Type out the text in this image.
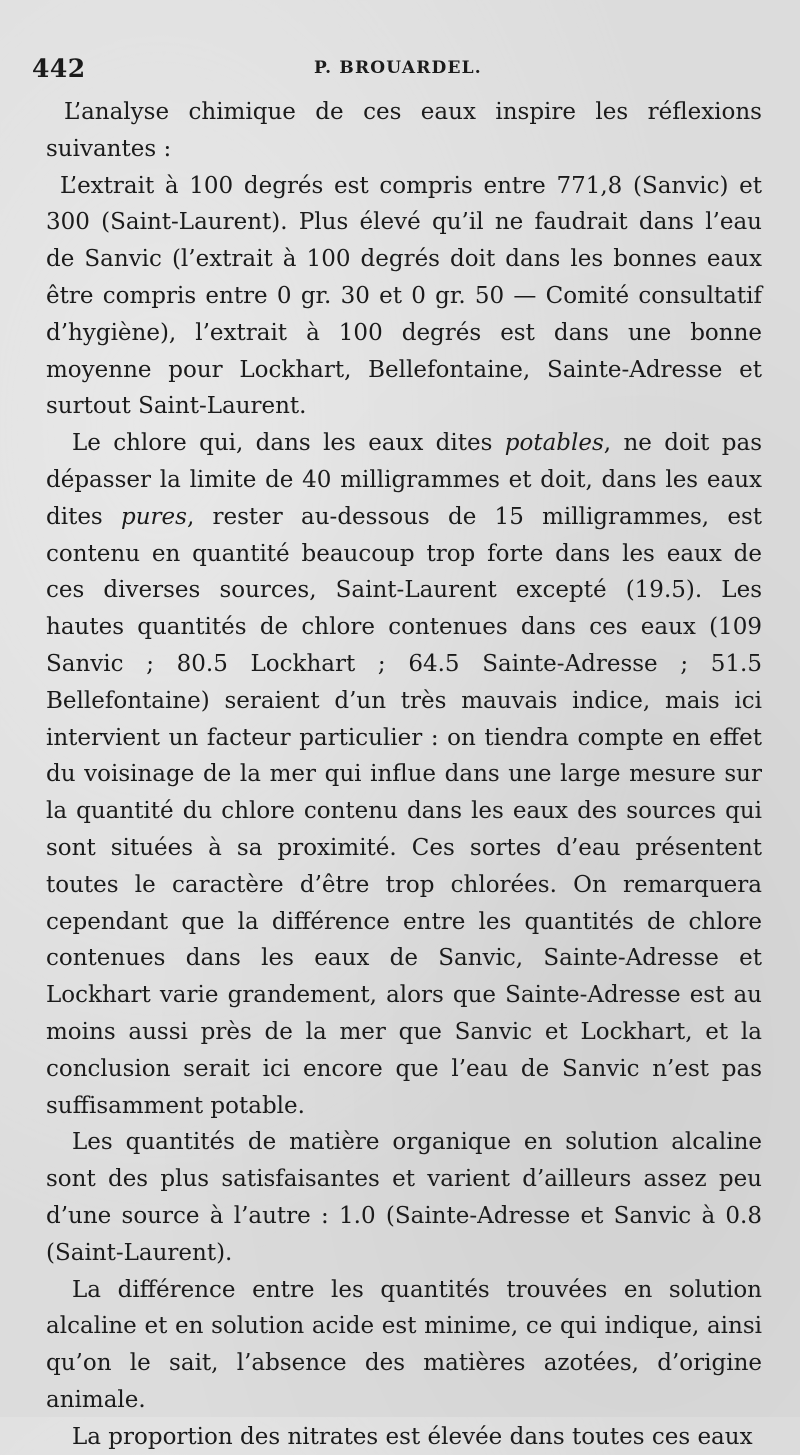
442	P. BROUARDEL.

L’analyse chimique de ces eaux inspire les réflexions suivantes :

L’extrait à 100 degrés est compris entre 771,8 (Sanvic) et 300 (Saint-Laurent). Plus élevé qu’il ne faudrait dans l’eau de Sanvic (l’extrait à 100 degrés doit dans les bonnes eaux être compris entre 0 gr. 30 et 0 gr. 50 — Comité consultatif d’hygiène), l’extrait à 100 degrés est dans une bonne moyenne pour Lockhart, Bellefontaine, Sainte-Adresse et surtout Saint-Laurent.

Le chlore qui, dans les eaux dites potables, ne doit pas dépasser la limite de 40 milligrammes et doit, dans les eaux dites pures, rester au-dessous de 15 milligrammes, est contenu en quantité beaucoup trop forte dans les eaux de ces diverses sources, Saint-Laurent excepté (19.5). Les hautes quantités de chlore contenues dans ces eaux (109 Sanvic ; 80.5 Lockhart ; 64.5 Sainte-Adresse ; 51.5 Bellefontaine) seraient d’un très mauvais indice, mais ici intervient un facteur particulier : on tiendra compte en effet du voisinage de la mer qui influe dans une large mesure sur la quantité du chlore contenu dans les eaux des sources qui sont situées à sa proximité. Ces sortes d’eau présentent toutes le caractère d’être trop chlorées. On remarquera cependant que la différence entre les quantités de chlore contenues dans les eaux de Sanvic, Sainte-Adresse et Lockhart varie grandement, alors que Sainte-Adresse est au moins aussi près de la mer que Sanvic et Lockhart, et la conclusion serait ici encore que l’eau de Sanvic n’est pas suffisamment potable.

Les quantités de matière organique en solution alcaline sont des plus satisfaisantes et varient d’ailleurs assez peu d’une source à l’autre : 1.0 (Sainte-Adresse et Sanvic à 0.8 (Saint-Laurent).

La différence entre les quantités trouvées en solution alcaline et en solution acide est minime, ce qui indique, ainsi qu’on le sait, l’absence des matières azotées, d’origine animale.

La proportion des nitrates est élevée dans toutes ces eaux
